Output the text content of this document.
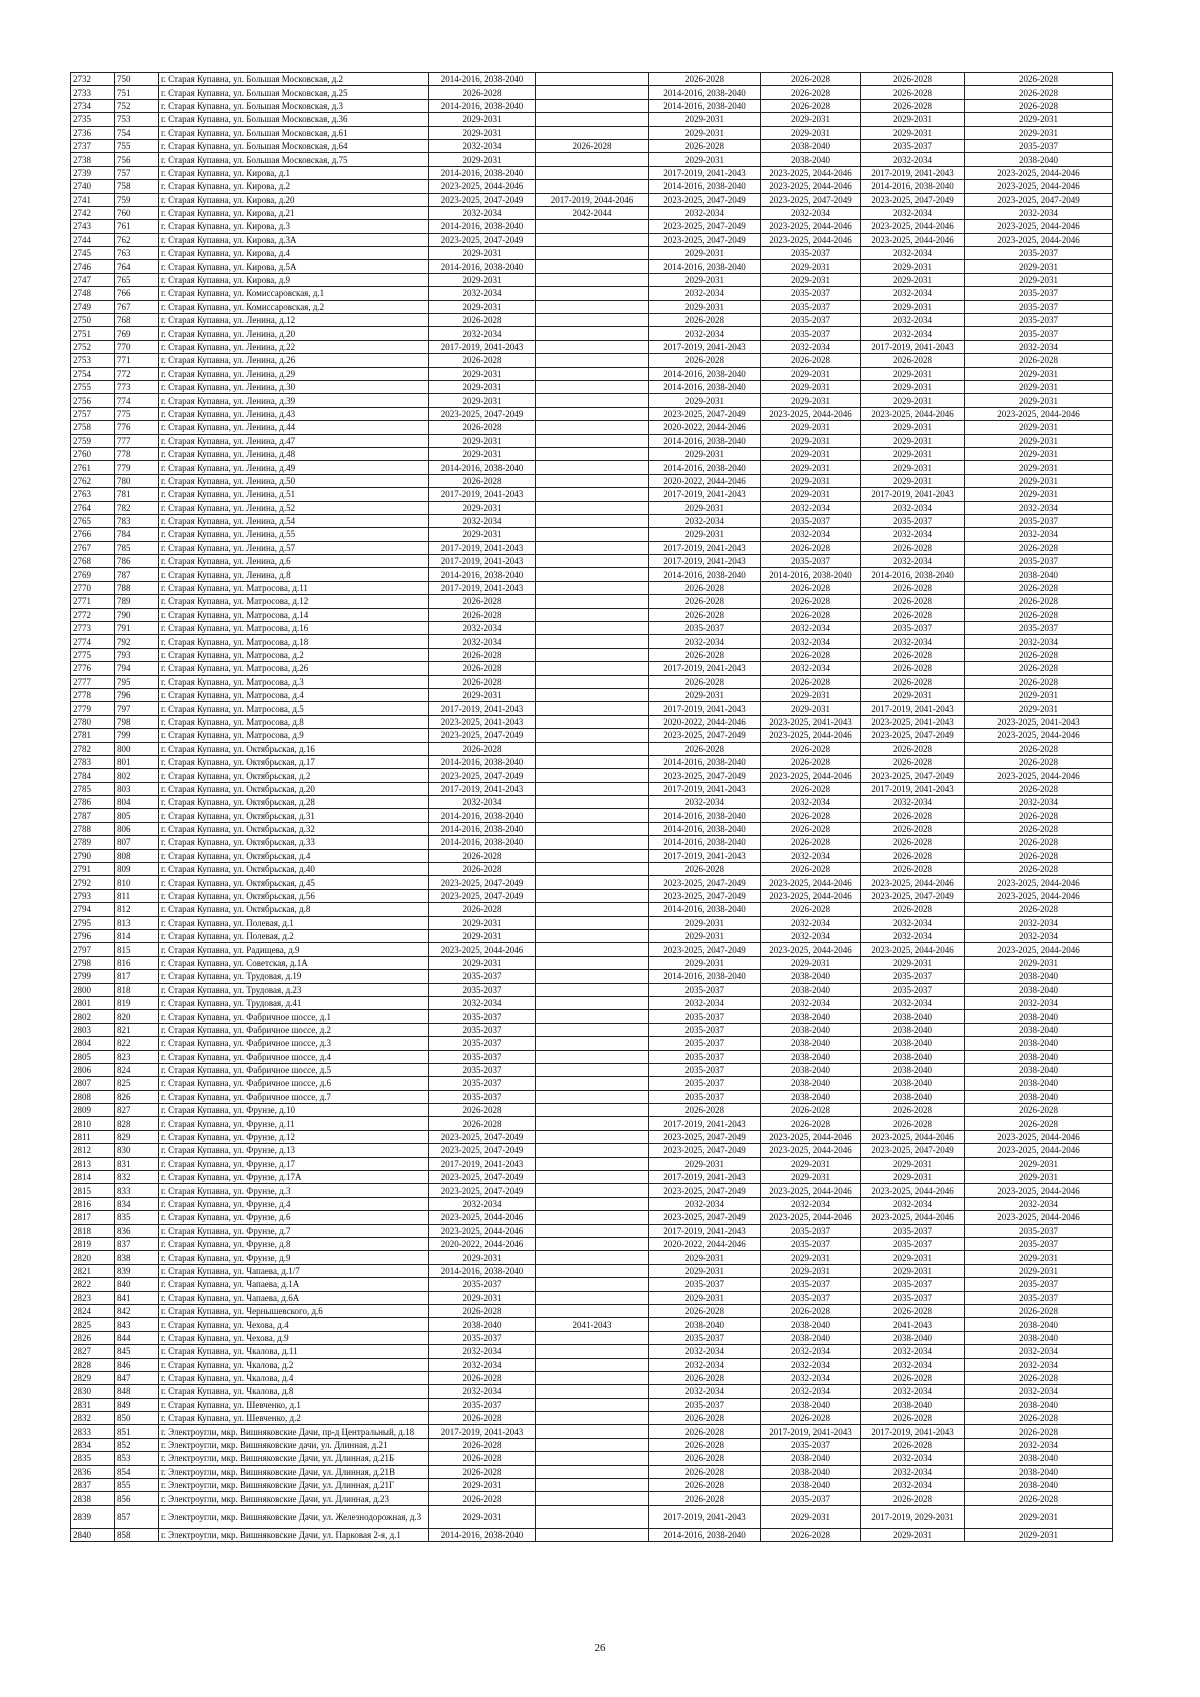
2732	750	г. Старая Купавна, ул. Большая Московская, д.2	2014-2016, 2038-2040		2026-2028	2026-2028	2026-2028	2026-2028
2733	751	г. Старая Купавна, ул. Большая Московская, д.25	2026-2028		2014-2016, 2038-2040	2026-2028	2026-2028	2026-2028
2734	752	г. Старая Купавна, ул. Большая Московская, д.3	2014-2016, 2038-2040		2014-2016, 2038-2040	2026-2028	2026-2028	2026-2028
2735	753	г. Старая Купавна, ул. Большая Московская, д.36	2029-2031		2029-2031	2029-2031	2029-2031	2029-2031
2736	754	г. Старая Купавна, ул. Большая Московская, д.61	2029-2031		2029-2031	2029-2031	2029-2031	2029-2031
2737	755	г. Старая Купавна, ул. Большая Московская, д.64	2032-2034	2026-2028	2026-2028	2038-2040	2035-2037	2035-2037
2738	756	г. Старая Купавна, ул. Большая Московская, д.75	2029-2031		2029-2031	2038-2040	2032-2034	2038-2040
2739	757	г. Старая Купавна, ул. Кирова, д.1	2014-2016, 2038-2040		2017-2019, 2041-2043	2023-2025, 2044-2046	2017-2019, 2041-2043	2023-2025, 2044-2046
2740	758	г. Старая Купавна, ул. Кирова, д.2	2023-2025, 2044-2046		2014-2016, 2038-2040	2023-2025, 2044-2046	2014-2016, 2038-2040	2023-2025, 2044-2046
2741	759	г. Старая Купавна, ул. Кирова, д.20	2023-2025, 2047-2049	2017-2019, 2044-2046	2023-2025, 2047-2049	2023-2025, 2047-2049	2023-2025, 2047-2049	2023-2025, 2047-2049
2742	760	г. Старая Купавна, ул. Кирова, д.21	2032-2034	2042-2044	2032-2034	2032-2034	2032-2034	2032-2034
2743	761	г. Старая Купавна, ул. Кирова, д.3	2014-2016, 2038-2040		2023-2025, 2047-2049	2023-2025, 2044-2046	2023-2025, 2044-2046	2023-2025, 2044-2046
2744	762	г. Старая Купавна, ул. Кирова, д.3А	2023-2025, 2047-2049		2023-2025, 2047-2049	2023-2025, 2044-2046	2023-2025, 2044-2046	2023-2025, 2044-2046
2745	763	г. Старая Купавна, ул. Кирова, д.4	2029-2031		2029-2031	2035-2037	2032-2034	2035-2037
2746	764	г. Старая Купавна, ул. Кирова, д.5А	2014-2016, 2038-2040		2014-2016, 2038-2040	2029-2031	2029-2031	2029-2031
2747	765	г. Старая Купавна, ул. Кирова, д.9	2029-2031		2029-2031	2029-2031	2029-2031	2029-2031
2748	766	г. Старая Купавна, ул. Комиссаровская, д.1	2032-2034		2032-2034	2035-2037	2032-2034	2035-2037
2749	767	г. Старая Купавна, ул. Комиссаровская, д.2	2029-2031		2029-2031	2035-2037	2029-2031	2035-2037
2750	768	г. Старая Купавна, ул. Ленина, д.12	2026-2028		2026-2028	2035-2037	2032-2034	2035-2037
2751	769	г. Старая Купавна, ул. Ленина, д.20	2032-2034		2032-2034	2035-2037	2032-2034	2035-2037
2752	770	г. Старая Купавна, ул. Ленина, д.22	2017-2019, 2041-2043		2017-2019, 2041-2043	2032-2034	2017-2019, 2041-2043	2032-2034
2753	771	г. Старая Купавна, ул. Ленина, д.26	2026-2028		2026-2028	2026-2028	2026-2028	2026-2028
2754	772	г. Старая Купавна, ул. Ленина, д.29	2029-2031		2014-2016, 2038-2040	2029-2031	2029-2031	2029-2031
2755	773	г. Старая Купавна, ул. Ленина, д.30	2029-2031		2014-2016, 2038-2040	2029-2031	2029-2031	2029-2031
2756	774	г. Старая Купавна, ул. Ленина, д.39	2029-2031		2029-2031	2029-2031	2029-2031	2029-2031
2757	775	г. Старая Купавна, ул. Ленина, д.43	2023-2025, 2047-2049		2023-2025, 2047-2049	2023-2025, 2044-2046	2023-2025, 2044-2046	2023-2025, 2044-2046
2758	776	г. Старая Купавна, ул. Ленина, д.44	2026-2028		2020-2022, 2044-2046	2029-2031	2029-2031	2029-2031
2759	777	г. Старая Купавна, ул. Ленина, д.47	2029-2031		2014-2016, 2038-2040	2029-2031	2029-2031	2029-2031
2760	778	г. Старая Купавна, ул. Ленина, д.48	2029-2031		2029-2031	2029-2031	2029-2031	2029-2031
2761	779	г. Старая Купавна, ул. Ленина, д.49	2014-2016, 2038-2040		2014-2016, 2038-2040	2029-2031	2029-2031	2029-2031
2762	780	г. Старая Купавна, ул. Ленина, д.50	2026-2028		2020-2022, 2044-2046	2029-2031	2029-2031	2029-2031
2763	781	г. Старая Купавна, ул. Ленина, д.51	2017-2019, 2041-2043		2017-2019, 2041-2043	2029-2031	2017-2019, 2041-2043	2029-2031
2764	782	г. Старая Купавна, ул. Ленина, д.52	2029-2031		2029-2031	2032-2034	2032-2034	2032-2034
2765	783	г. Старая Купавна, ул. Ленина, д.54	2032-2034		2032-2034	2035-2037	2035-2037	2035-2037
2766	784	г. Старая Купавна, ул. Ленина, д.55	2029-2031		2029-2031	2032-2034	2032-2034	2032-2034
2767	785	г. Старая Купавна, ул. Ленина, д.57	2017-2019, 2041-2043		2017-2019, 2041-2043	2026-2028	2026-2028	2026-2028
2768	786	г. Старая Купавна, ул. Ленина, д.6	2017-2019, 2041-2043		2017-2019, 2041-2043	2035-2037	2032-2034	2035-2037
2769	787	г. Старая Купавна, ул. Ленина, д.8	2014-2016, 2038-2040		2014-2016, 2038-2040	2014-2016, 2038-2040	2014-2016, 2038-2040	2038-2040
2770	788	г. Старая Купавна, ул. Матросова, д.11	2017-2019, 2041-2043		2026-2028	2026-2028	2026-2028	2026-2028
2771	789	г. Старая Купавна, ул. Матросова, д.12	2026-2028		2026-2028	2026-2028	2026-2028	2026-2028
2772	790	г. Старая Купавна, ул. Матросова, д.14	2026-2028		2026-2028	2026-2028	2026-2028	2026-2028
2773	791	г. Старая Купавна, ул. Матросова, д.16	2032-2034		2035-2037	2032-2034	2035-2037	2035-2037
2774	792	г. Старая Купавна, ул. Матросова, д.18	2032-2034		2032-2034	2032-2034	2032-2034	2032-2034
2775	793	г. Старая Купавна, ул. Матросова, д.2	2026-2028		2026-2028	2026-2028	2026-2028	2026-2028
2776	794	г. Старая Купавна, ул. Матросова, д.26	2026-2028		2017-2019, 2041-2043	2032-2034	2026-2028	2026-2028
2777	795	г. Старая Купавна, ул. Матросова, д.3	2026-2028		2026-2028	2026-2028	2026-2028	2026-2028
2778	796	г. Старая Купавна, ул. Матросова, д.4	2029-2031		2029-2031	2029-2031	2029-2031	2029-2031
2779	797	г. Старая Купавна, ул. Матросова, д.5	2017-2019, 2041-2043		2017-2019, 2041-2043	2029-2031	2017-2019, 2041-2043	2029-2031
2780	798	г. Старая Купавна, ул. Матросова, д.8	2023-2025, 2041-2043		2020-2022, 2044-2046	2023-2025, 2041-2043	2023-2025, 2041-2043	2023-2025, 2041-2043
2781	799	г. Старая Купавна, ул. Матросова, д.9	2023-2025, 2047-2049		2023-2025, 2047-2049	2023-2025, 2044-2046	2023-2025, 2047-2049	2023-2025, 2044-2046
2782	800	г. Старая Купавна, ул. Октябрьская, д.16	2026-2028		2026-2028	2026-2028	2026-2028	2026-2028
2783	801	г. Старая Купавна, ул. Октябрьская, д.17	2014-2016, 2038-2040		2014-2016, 2038-2040	2026-2028	2026-2028	2026-2028
2784	802	г. Старая Купавна, ул. Октябрьская, д.2	2023-2025, 2047-2049		2023-2025, 2047-2049	2023-2025, 2044-2046	2023-2025, 2047-2049	2023-2025, 2044-2046
2785	803	г. Старая Купавна, ул. Октябрьская, д.20	2017-2019, 2041-2043		2017-2019, 2041-2043	2026-2028	2017-2019, 2041-2043	2026-2028
2786	804	г. Старая Купавна, ул. Октябрьская, д.28	2032-2034		2032-2034	2032-2034	2032-2034	2032-2034
2787	805	г. Старая Купавна, ул. Октябрьская, д.31	2014-2016, 2038-2040		2014-2016, 2038-2040	2026-2028	2026-2028	2026-2028
2788	806	г. Старая Купавна, ул. Октябрьская, д.32	2014-2016, 2038-2040		2014-2016, 2038-2040	2026-2028	2026-2028	2026-2028
2789	807	г. Старая Купавна, ул. Октябрьская, д.33	2014-2016, 2038-2040		2014-2016, 2038-2040	2026-2028	2026-2028	2026-2028
2790	808	г. Старая Купавна, ул. Октябрьская, д.4	2026-2028		2017-2019, 2041-2043	2032-2034	2026-2028	2026-2028
2791	809	г. Старая Купавна, ул. Октябрьская, д.40	2026-2028		2026-2028	2026-2028	2026-2028	2026-2028
2792	810	г. Старая Купавна, ул. Октябрьская, д.45	2023-2025, 2047-2049		2023-2025, 2047-2049	2023-2025, 2044-2046	2023-2025, 2044-2046	2023-2025, 2044-2046
2793	811	г. Старая Купавна, ул. Октябрьская, д.56	2023-2025, 2047-2049		2023-2025, 2047-2049	2023-2025, 2044-2046	2023-2025, 2047-2049	2023-2025, 2044-2046
2794	812	г. Старая Купавна, ул. Октябрьская, д.8	2026-2028		2014-2016, 2038-2040	2026-2028	2026-2028	2026-2028
2795	813	г. Старая Купавна, ул. Полевая, д.1	2029-2031		2029-2031	2032-2034	2032-2034	2032-2034
2796	814	г. Старая Купавна, ул. Полевая, д.2	2029-2031		2029-2031	2032-2034	2032-2034	2032-2034
2797	815	г. Старая Купавна, ул. Радищева, д.9	2023-2025, 2044-2046		2023-2025, 2047-2049	2023-2025, 2044-2046	2023-2025, 2044-2046	2023-2025, 2044-2046
2798	816	г. Старая Купавна, ул. Советская, д.1А	2029-2031		2029-2031	2029-2031	2029-2031	2029-2031
2799	817	г. Старая Купавна, ул. Трудовая, д.19	2035-2037		2014-2016, 2038-2040	2038-2040	2035-2037	2038-2040
2800	818	г. Старая Купавна, ул. Трудовая, д.23	2035-2037		2035-2037	2038-2040	2035-2037	2038-2040
2801	819	г. Старая Купавна, ул. Трудовая, д.41	2032-2034		2032-2034	2032-2034	2032-2034	2032-2034
2802	820	г. Старая Купавна, ул. Фабричное шоссе, д.1	2035-2037		2035-2037	2038-2040	2038-2040	2038-2040
2803	821	г. Старая Купавна, ул. Фабричное шоссе, д.2	2035-2037		2035-2037	2038-2040	2038-2040	2038-2040
2804	822	г. Старая Купавна, ул. Фабричное шоссе, д.3	2035-2037		2035-2037	2038-2040	2038-2040	2038-2040
2805	823	г. Старая Купавна, ул. Фабричное шоссе, д.4	2035-2037		2035-2037	2038-2040	2038-2040	2038-2040
2806	824	г. Старая Купавна, ул. Фабричное шоссе, д.5	2035-2037		2035-2037	2038-2040	2038-2040	2038-2040
2807	825	г. Старая Купавна, ул. Фабричное шоссе, д.6	2035-2037		2035-2037	2038-2040	2038-2040	2038-2040
2808	826	г. Старая Купавна, ул. Фабричное шоссе, д.7	2035-2037		2035-2037	2038-2040	2038-2040	2038-2040
2809	827	г. Старая Купавна, ул. Фрунзе, д.10	2026-2028		2026-2028	2026-2028	2026-2028	2026-2028
2810	828	г. Старая Купавна, ул. Фрунзе, д.11	2026-2028		2017-2019, 2041-2043	2026-2028	2026-2028	2026-2028
2811	829	г. Старая Купавна, ул. Фрунзе, д.12	2023-2025, 2047-2049		2023-2025, 2047-2049	2023-2025, 2044-2046	2023-2025, 2044-2046	2023-2025, 2044-2046
2812	830	г. Старая Купавна, ул. Фрунзе, д.13	2023-2025, 2047-2049		2023-2025, 2047-2049	2023-2025, 2044-2046	2023-2025, 2047-2049	2023-2025, 2044-2046
2813	831	г. Старая Купавна, ул. Фрунзе, д.17	2017-2019, 2041-2043		2029-2031	2029-2031	2029-2031	2029-2031
2814	832	г. Старая Купавна, ул. Фрунзе, д.17А	2023-2025, 2047-2049		2017-2019, 2041-2043	2029-2031	2029-2031	2029-2031
2815	833	г. Старая Купавна, ул. Фрунзе, д.3	2023-2025, 2047-2049		2023-2025, 2047-2049	2023-2025, 2044-2046	2023-2025, 2044-2046	2023-2025, 2044-2046
2816	834	г. Старая Купавна, ул. Фрунзе, д.4	2032-2034		2032-2034	2032-2034	2032-2034	2032-2034
2817	835	г. Старая Купавна, ул. Фрунзе, д.6	2023-2025, 2044-2046		2023-2025, 2047-2049	2023-2025, 2044-2046	2023-2025, 2044-2046	2023-2025, 2044-2046
2818	836	г. Старая Купавна, ул. Фрунзе, д.7	2023-2025, 2044-2046		2017-2019, 2041-2043	2035-2037	2035-2037	2035-2037
2819	837	г. Старая Купавна, ул. Фрунзе, д.8	2020-2022, 2044-2046		2020-2022, 2044-2046	2035-2037	2035-2037	2035-2037
2820	838	г. Старая Купавна, ул. Фрунзе, д.9	2029-2031		2029-2031	2029-2031	2029-2031	2029-2031
2821	839	г. Старая Купавна, ул. Чапаева, д.1/7	2014-2016, 2038-2040		2029-2031	2029-2031	2029-2031	2029-2031
2822	840	г. Старая Купавна, ул. Чапаева, д.1А	2035-2037		2035-2037	2035-2037	2035-2037	2035-2037
2823	841	г. Старая Купавна, ул. Чапаева, д.6А	2029-2031		2029-2031	2035-2037	2035-2037	2035-2037
2824	842	г. Старая Купавна, ул. Чернышевского, д.6	2026-2028		2026-2028	2026-2028	2026-2028	2026-2028
2825	843	г. Старая Купавна, ул. Чехова, д.4	2038-2040	2041-2043	2038-2040	2038-2040	2041-2043	2038-2040
2826	844	г. Старая Купавна, ул. Чехова, д.9	2035-2037		2035-2037	2038-2040	2038-2040	2038-2040
2827	845	г. Старая Купавна, ул. Чкалова, д.11	2032-2034		2032-2034	2032-2034	2032-2034	2032-2034
2828	846	г. Старая Купавна, ул. Чкалова, д.2	2032-2034		2032-2034	2032-2034	2032-2034	2032-2034
2829	847	г. Старая Купавна, ул. Чкалова, д.4	2026-2028		2026-2028	2032-2034	2026-2028	2026-2028
2830	848	г. Старая Купавна, ул. Чкалова, д.8	2032-2034		2032-2034	2032-2034	2032-2034	2032-2034
2831	849	г. Старая Купавна, ул. Шевченко, д.1	2035-2037		2035-2037	2038-2040	2038-2040	2038-2040
2832	850	г. Старая Купавна, ул. Шевченко, д.2	2026-2028		2026-2028	2026-2028	2026-2028	2026-2028
2833	851	г. Электроугли, мкр. Вишняковские Дачи, пр-д Центральный, д.18	2017-2019, 2041-2043		2026-2028	2017-2019, 2041-2043	2017-2019, 2041-2043	2026-2028
2834	852	г. Электроугли, мкр. Вишняковские дачи, ул. Длинная, д.21	2026-2028		2026-2028	2035-2037	2026-2028	2032-2034
2835	853	г. Электроугли, мкр. Вишняковские Дачи, ул. Длинная, д.21Б	2026-2028		2026-2028	2038-2040	2032-2034	2038-2040
2836	854	г. Электроугли, мкр. Вишняковские Дачи, ул. Длинная, д.21В	2026-2028		2026-2028	2038-2040	2032-2034	2038-2040
2837	855	г. Электроугли, мкр. Вишняковские Дачи, ул. Длинная, д.21Г	2029-2031		2026-2028	2038-2040	2032-2034	2038-2040
2838	856	г. Электроугли, мкр. Вишняковские Дачи, ул. Длинная, д.23	2026-2028		2026-2028	2035-2037	2026-2028	2026-2028
2839	857	г. Электроугли, мкр. Вишняковские Дачи, ул. Железнодорожная, д.3	2029-2031		2017-2019, 2041-2043	2029-2031	2017-2019, 2029-2031	2029-2031
2840	858	г. Электроугли, мкр. Вишняковские Дачи, ул. Парковая 2-я, д.1	2014-2016, 2038-2040		2014-2016, 2038-2040	2026-2028	2029-2031	2029-2031
26
